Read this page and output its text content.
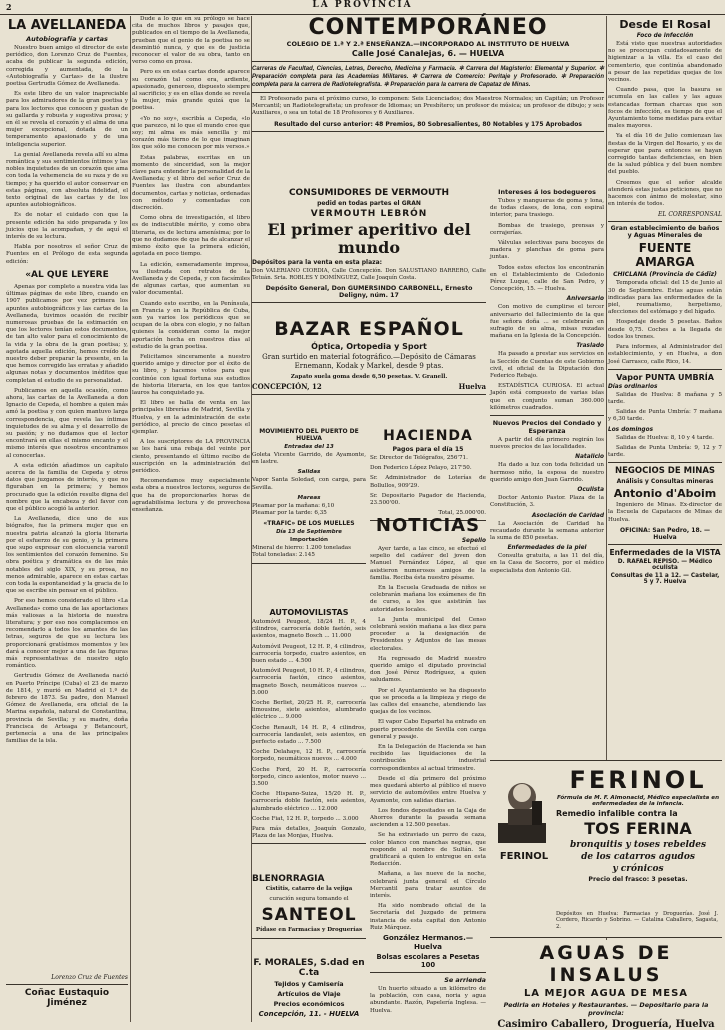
2	LA PROVINCIA
LA AVELLANEDA
Autobiografía y cartas

Nuestro buen amigo el director de este periódico, don Lorenzo Cruz de Fuentes, acaba de publicar la segunda edición, corregida y aumentada, de la «Autobiografía y Cartas» de la ilustre poetisa Gertrudis Gómez de Avellaneda.

Es este libro de un valor inapreciable para los admiradores de la gran poetisa y para los lectores que conocen y gustan de su gallarda y robusta y sugestiva prosa; y en él se revela el corazón y el alma de una mujer excepcional, dotada de un temperamento apasionado y de una inteligencia superior.

La genial Avellaneda revela allí su alma romántica y sus sentimientos íntimos y las nobles inquietudes de un corazón que ama con toda la vehemencia de su raza y de su tiempo; y ha querido el autor conservar en estas páginas, con absoluta fidelidad, el texto original de las cartas y de los apuntes autobiográficos.

Es de notar el cuidado con que la presente edición ha sido preparada y los juicios que la acompañan, y de aquí el interés de su lectura.

Habla por nosotros el señor Cruz de Fuentes en el Prólogo de esta segunda edición:

«AL QUE LEYERE

Apenas por completo a nuestra vida las últimas páginas de este libro, cuando en 1907 publicamos por vez primera los apuntes autobiográficos y las cartas de la Avellaneda, tuvimos ocasión de recibir numerosas pruebas de la estimación en que los lectores tenían estos documentos, de tan alto valor para el conocimiento de la vida y la obra de la gran poetisa; y, agotada aquella edición, hemos creído de nuestro deber preparar la presente, en la que hemos corregido las erratas y añadido algunas notas y documentos inéditos que completan el estudio de su personalidad.

Publicamos en aquella ocasión, como ahora, las cartas de la Avellaneda a don Ignacio de Cepeda, el hombre a quien más amó la poetisa y con quien mantuvo larga correspondencia, que revela las íntimas inquietudes de su alma y el desarrollo de su pasión; y no dudamos que el lector encontrará en ellas el mismo encanto y el mismo interés que nosotros encontramos al conocerlas.

A esta edición añadimos un capítulo acerca de la familia de Cepeda y otros datos que juzgamos de interés, y que no figuraban en la primera; y hemos procurado que la edición resulte digna del nombre que la encabeza y del favor con que el público acogió la anterior.

La Avellaneda, dice uno de sus biógrafos, fue la primera mujer que en nuestra patria alcanzó la gloria literaria por el esfuerzo de su genio, y la primera que supo expresar con elocuencia varonil los sentimientos del corazón femenino. Su obra poética y dramática es de las más notables del siglo XIX, y su prosa, no menos admirable, aparece en estas cartas con toda la espontaneidad y la gracia de lo que se escribe sin pensar en el público.

Por eso hemos considerado el libro «La Avellaneda» como una de las aportaciones más valiosas a la historia de nuestra literatura; y por eso nos complacemos en recomendarlo a todos los amantes de las letras, seguros de que su lectura les proporcionará gratísimos momentos y les dará a conocer mejor a una de las figuras más representativas de nuestro siglo romántico.

Gertrudis Gómez de Avellaneda nació en Puerto Príncipe (Cuba) el 23 de marzo de 1814, y murió en Madrid el 1.º de febrero de 1873. Su padre, don Manuel Gómez de Avellaneda, era oficial de la Marina española, natural de Constantina, provincia de Sevilla; y su madre, doña Francisca de Arteaga y Betancourt, pertenecía a una de las principales familias de la isla.

Lorenzo Cruz de Fuentes
Coñac Eustaquio Jiménez

Dude a lo que en su prólogo se hace cita de muchos libros y pasajes que, publicados en el tiempo de la Avellaneda, prueban que el genio de la poetisa no se desmintió nunca, y que es de justicia reconocer el valor de su obra, tanto en verso como en prosa.

Pero es en estas cartas donde aparece su corazón tal como era, ardiente, apasionado, generoso, dispuesto siempre al sacrificio; y es en ellas donde se revela la mujer, más grande quizá que la poetisa.

«Yo no soy», escribía a Cepeda, «lo que parezco, ni lo que el mundo cree que soy; mi alma es más sencilla y mi corazón más tierno de lo que imaginan los que sólo me conocen por mis versos.»

Estas palabras, escritas en un momento de sinceridad, son la mejor clave para entender la personalidad de la Avellaneda; y el libro del señor Cruz de Fuentes las ilustra con abundantes documentos, cartas y noticias, ordenadas con método y comentadas con discreción.

Como obra de investigación, el libro es de indiscutible mérito, y como obra literaria, es de lectura amenísima; por lo que no dudamos de que ha de alcanzar el mismo éxito que la primera edición, agotada en poco tiempo.

La edición, esmeradamente impresa, va ilustrada con retratos de la Avellaneda y de Cepeda, y con facsímiles de algunas cartas, que aumentan su valor documental.

Cuando esto escribo, en la Península, en Francia y en la República de Cuba, son ya varios los periódicos que se ocupan de la obra con elogio, y no faltan quienes la consideran como la mejor aportación hecha en nuestros días al estudio de la gran poetisa.

Felicitamos sinceramente a nuestro querido amigo y director por el éxito de su libro, y hacemos votos para que continúe con igual fortuna sus estudios de historia literaria, en los que tantos lauros ha conquistado ya.

El libro se halla de venta en las principales librerías de Madrid, Sevilla y Huelva, y en la administración de este periódico, al precio de cinco pesetas el ejemplar.

A los suscriptores de LA PROVINCIA se les hará una rebaja del veinte por ciento, presentando el último recibo de suscripción en la administración del periódico.

Recomendamos muy especialmente esta obra a nuestros lectores, seguros de que ha de proporcionarles horas de agradabilísima lectura y de provechosa enseñanza.

CONTEMPORÁNEO
COLEGIO DE 1.ª Y 2.ª ENSEÑANZA.—INCORPORADO AL INSTITUTO DE HUELVA
Calle José Canalejas, 6. — HUELVA

Carreras de Facultad, Ciencias, Letras, Derecho, Medicina y Farmacia. ✲ Carrera del Magisterio: Elemental y Superior. ✲ Preparación completa para las Academias Militares. ✲ Carrera de Comercio: Peritaje y Profesorado. ✲ Preparación completa para la carrera de Radiotelegrafista. ✲ Preparación para la carrera de Capataz de Minas.

El Profesorado para el próximo curso, lo componen: Seis Licenciados; dos Maestros Normales; un Capitán; un Profesor Mercantil; un Radiotelegrafista; un profesor de Idiomas; un Presbítero; un profesor de música; un profesor de dibujo; y seis Auxiliares, o sea un total de 18 Profesores y 6 Auxiliares.

Resultado del curso anterior: 48 Premios, 80 Sobresalientes, 80 Notables y 175 Aprobados
CONSUMIDORES DE VERMOUTH
pedid en todas partes el GRAN
VERMOUTH LEBRÓN
El primer aperitivo del mundo
Depósitos para la venta en esta plaza:

Don VALERIANO CIORDIA, Calle Concepción. Don SALUSTIANO BARRERO, Calle Tetuán. Srta. ROBLES Y DOMÍNGUEZ, Calle Joaquín Costa.

Depósito General, Don GUMERSINDO CARBONELL, Ernesto Deligny, núm. 17
BAZAR ESPAÑOL
Óptica, Ortopedia y Sport

Gran surtido en material fotográfico.—Depósito de Cámaras Ernemann, Kodak y Markel, desde 9 ptas.

Zapato suela goma desde 6,50 pesetas. V. Granell.

CONCEPCIÓN, 12	Huelva
MOVIMIENTO DEL PUERTO DE HUELVA
Entradas del 13

Goleta Vicente Garrido, de Ayamonte, en lastre.

Salidas

Vapor Santa Soledad, con carga, para Sevilla.

Mareas

Pleamar por la mañana: 6,10

Pleamar por la tarde: 6,35

«TRAFIC» DE LOS MUELLES
Día 13 de Septiembre
Importación

Mineral de hierro: 1.200 toneladas

Total toneladas: 2.145

HACIENDA
Pagos para el día 15

Sr. Director de Telégrafos, 256'71.

Don Federico López Pelayo, 217'50.

Sr. Administrador de Loterías de Bollullos, 909'29.

Sr. Depositario Pagador de Hacienda, 23.500'00.

Total, 25.000'00.

AUTOMOVILISTAS

Automóvil Peugeot, 18/24 H. P., 4 cilindros, carrocería doble faetón, seis asientos, magneto Bosch ... 11.000

Automóvil Peugeot, 12 H. P., 4 cilindros, carrocería torpedo, cuatro asientos, en buen estado ... 4.500

Automóvil Peugeot, 10 H. P., 4 cilindros, carrocería faetón, cinco asientos, magneto Bosch, neumáticos nuevos ... 5.000

Coche Berliet, 20/25 H. P., carrocería limousine, siete asientos, alumbrado eléctrico ... 9.000

Coche Renault, 14 H. P., 4 cilindros, carrocería landaulet, seis asientos, en perfecto estado ... 7.500

Coche Delahaye, 12 H. P., carrocería torpedo, neumáticos nuevos ... 4.000

Coche Ford, 20 H. P., carrocería torpedo, cinco asientos, motor nuevo ... 3.500

Coche Hispano-Suiza, 15/20 H. P., carrocería doble faetón, seis asientos, alumbrado eléctrico ... 12.000

Coche Fiat, 12 H. P., torpedo ... 3.000

Para más detalles, Joaquín Gonzalo, Plaza de las Monjas, Huelva.

NOTICIAS
Sepelio

Ayer tarde, a las cinco, se efectuó el sepelio del cadáver del joven don Manuel Fernández López, al que asistieron numerosos amigos de la familia. Reciba ésta nuestro pésame.

En la Escuela Graduada de niños se celebrarán mañana los exámenes de fin de curso, a los que asistirán las autoridades locales.

La Junta municipal del Censo celebrará sesión mañana a las diez para proceder a la designación de Presidentes y Adjuntos de las mesas electorales.

Ha regresado de Madrid nuestro querido amigo el diputado provincial don José Pérez Rodríguez, a quien saludamos.

Por el Ayuntamiento se ha dispuesto que se proceda a la limpieza y riego de las calles del ensanche, atendiendo las quejas de los vecinos.

El vapor Cabo Espartel ha entrado en puerto procedente de Sevilla con carga general y pasaje.

En la Delegación de Hacienda se han recibido las liquidaciones de la contribución industrial correspondientes al actual trimestre.

Desde el día primero del próximo mes quedará abierto al público el nuevo servicio de automóviles entre Huelva y Ayamonte, con salidas diarias.

Los fondos depositados en la Caja de Ahorros durante la pasada semana ascienden a 12.500 pesetas.

Se ha extraviado un perro de caza, color blanco con manchas negras, que responde al nombre de Sultán. Se gratificará a quien lo entregue en esta Redacción.

Mañana, a las nueve de la noche, celebrará junta general el Círculo Mercantil para tratar asuntos de interés.

Ha sido nombrado oficial de la Secretaría del Juzgado de primera instancia de esta capital don Antonio Ruiz Márquez.

Intereses á los bodegueros

Tubos y mangueras de goma y lona, de todas clases, de lona, con espiral interior, para trasiego.

Bombas de trasiego, prensas y cerrajerías.

Válvulas selectivas para bocoyes de madera y planchas de goma para juntas.

Todos estos efectos los encontrarán en el Establecimiento de Celedonio Pérez Luque, calle de San Pedro, y Concepción, 15. — Huelva.

Aniversario

Con motivo de cumplirse el tercer aniversario del fallecimiento de la que fue señora doña ... se celebrarán en sufragio de su alma, misas rezadas mañana en la Iglesia de la Concepción.

Traslado

Ha pasado a prestar sus servicios en la Sección de Cuentas de este Gobierno civil, el oficial de la Diputación don Federico Rebajo.

ESTADÍSTICA CURIOSA. El actual Japón está compuesto de varias islas que en conjunto suman 360.000 kilómetros cuadrados.

Nuevos Precios del Condado y Esperanza

A partir del día primero regirán los nuevos precios de las localidades.

Natalicio

Ha dado a luz con toda felicidad un hermoso niño, la esposa de nuestro querido amigo don Juan Garrido.

Oculista

Doctor Antonio Pastor. Plaza de la Constitución, 3.

Asociación de Caridad

La Asociación de Caridad ha recaudado durante la semana anterior la suma de 850 pesetas.

Enfermedades de la piel

Consulta gratuita, a las 11 del día, en la Casa de Socorro, por el médico especialista don Antonio Gil.

BLENORRAGIA
Cistitis, catarro de la vejiga
curación segura tomando el
SANTEOL
Pídase en Farmacias y Droguerías
F. MORALES, S.dad en C.ta
Tejidos y Camisería
Artículos de Viaje
Precios económicos
Concepción, 11. - HUELVA
González Hermanos.— Huelva
Bolsas escolares a Pesetas 100
Se arrienda

Un huerto situado a un kilómetro de la población, con casa, noria y agua abundante. Razón, Papelería Inglesa. — Huelva.

Desde El Rosal
Foco de infección

Está visto que nuestras autoridades no se preocupan cuidadosamente de higienizar a la villa. Es el caso del cementerio, que continúa abandonado a pesar de las repetidas quejas de los vecinos.

Cuando pasa, que la basura se acumula en las calles y las aguas estancadas forman charcas que son focos de infección, es tiempo de que el Ayuntamiento tome medidas para evitar males mayores.

Ya el día 16 de Julio comienzan las fiestas de la Virgen del Rosario, y es de esperar que para entonces se hayan corregido tantas deficiencias, en bien de la salud pública y del buen nombre del pueblo.

Creemos que el señor alcalde atenderá estas justas peticiones, que no hacemos con ánimo de molestar, sino en interés de todos.

EL CORRESPONSAL
Gran establecimiento de baños y Aguas Minerales de
FUENTE AMARGA
CHICLANA (Provincia de Cádiz)

Temporada oficial: del 15 de Junio al 30 de Septiembre. Estas aguas están indicadas para las enfermedades de la piel, reumatismo, herpetismo, afecciones del estómago y del hígado.

Hospedaje desde 5 pesetas. Baños desde 0,75. Coches a la llegada de todos los trenes.

Para informes, al Administrador del establecimiento, y en Huelva, a don José Carrasco, calle Rico, 14.

Vapor PUNTA UMBRÍA
Días ordinarios

Salidas de Huelva: 8 mañana y 5 tarde.

Salidas de Punta Umbría: 7 mañana y 6,30 tarde.

Los domingos

Salidas de Huelva: 8, 10 y 4 tarde.

Salidas de Punta Umbría: 9, 12 y 7 tarde.

NEGOCIOS DE MINAS
Análisis y Consultas mineras
Antonio d'Aboim

Ingeniero de Minas. Ex-director de la Escuela de Capataces de Minas de Huelva.

OFICINA: San Pedro, 18. — Huelva
Enfermedades de la VISTA
D. RAFAEL REPISO. — Médico oculista
Consultas de 11 a 12. — Castelar, 5 y 7. Huelva
FERINOL
FERINOL
Fórmula de M. F. Almonacid, Médico especialista en enfermedades de la infancia.
Remedio infalible contra la
TOS FERINA
bronquitis y toses rebeldes
de los catarros agudos
y crónicos
Precio del frasco: 3 pesetas.
Depósitos en Huelva: Farmacias y Droguerías. José J. Cordero, Ricardo y Sobrino. — Catalina Caballero, Sagasta, 2.
AGUAS DE INSALUS
LA MEJOR AGUA DE MESA
Pedirla en Hoteles y Restaurantes. — Depositario para la provincia:
Casimiro Caballero, Droguería, Huelva
